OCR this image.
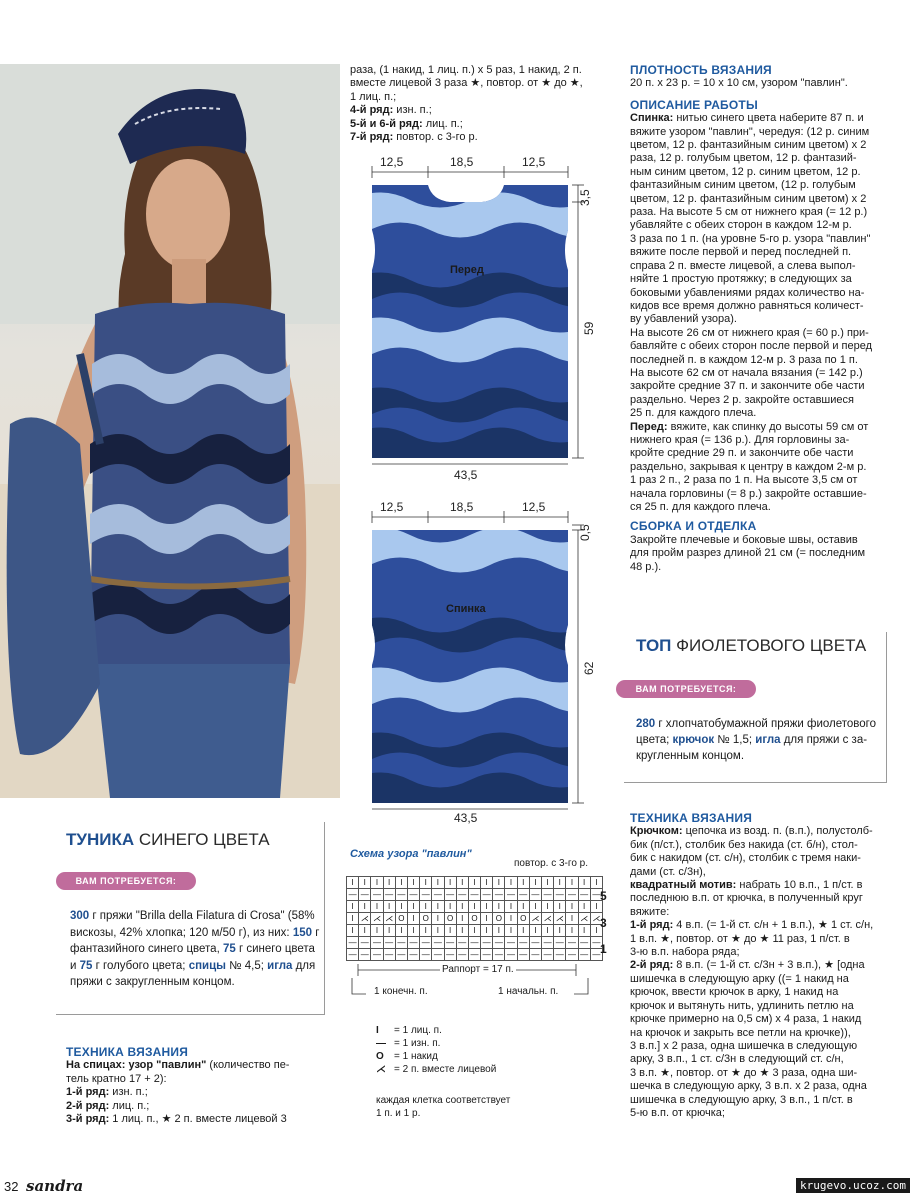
раза, (1 накид, 1 лиц. п.) x 5 раз, 1 накид, 2 п.

вместе лицевой 3 раза ★, повтор. от ★ до ★,

1 лиц. п.;

4-й ряд: изн. п.;

5-й и 6-й ряд: лиц. п.;

7-й ряд: повтор. с 3-го р.

12,5	18,5	12,5
3,5
59
43,5
Перед
12,5	18,5	12,5
0,5
62
43,5
Спинка

ПЛОТНОСТЬ ВЯЗАНИЯ

20 п. x 23 р. = 10 x 10 см, узором "павлин".

ОПИСАНИЕ РАБОТЫ

Спинка: нитью синего цвета наберите 87 п. и

вяжите узором "павлин", чередуя: (12 р. синим

цветом, 12 р. фантазийным синим цветом) x 2

раза, 12 р. голубым цветом, 12 р. фантазий-

ным синим цветом, 12 р. синим цветом, 12 р.

фантазийным синим цветом, (12 р. голубым

цветом, 12 р. фантазийным синим цветом) x 2

раза. На высоте 5 см от нижнего края (= 12 р.)

убавляйте с обеих сторон в каждом 12-м р.

3 раза по 1 п. (на уровне 5-го р. узора "павлин"

вяжите после первой и перед последней п.

справа 2 п. вместе лицевой, а слева выпол-

няйте 1 простую протяжку; в следующих за

боковыми убавлениями рядах количество на-

кидов все время должно равняться количест-

ву убавлений узора).

На высоте 26 см от нижнего края (= 60 р.) при-

бавляйте с обеих сторон после первой и перед

последней п. в каждом 12-м р. 3 раза по 1 п.

На высоте 62 см от начала вязания (= 142 р.)

закройте средние 37 п. и закончите обе части

раздельно. Через 2 р. закройте оставшиеся

25 п. для каждого плеча.

Перед: вяжите, как спинку до высоты 59 см от

нижнего края (= 136 р.). Для горловины за-

кройте средние 29 п. и закончите обе части

раздельно, закрывая к центру в каждом 2-м р.

1 раз 2 п., 2 раза по 1 п. На высоте 3,5 см от

начала горловины (= 8 р.) закройте оставшие-

ся 25 п. для каждого плеча.

СБОРКА И ОТДЕЛКА

Закройте плечевые и боковые швы, оставив

для пройм разрез длиной 21 см (= последним

48 р.).

ТОП ФИОЛЕТОВОГО ЦВЕТА
ВАМ ПОТРЕБУЕТСЯ:

280 г хлопчатобумажной пряжи фиолетового

цвета; крючок № 1,5; игла для пряжи с за-

кругленным концом.

ТУНИКА СИНЕГО ЦВЕТА
ВАМ ПОТРЕБУЕТСЯ:

300 г пряжи "Brilla della Filatura di Crosa" (58%

вискозы, 42% хлопка; 120 м/50 г), из них: 150 г

фантазийного синего цвета, 75 г синего цвета

и 75 г голубого цвета; спицы № 4,5; игла для

пряжи с закругленным концом.

ТЕХНИКА ВЯЗАНИЯ

На спицах: узор "павлин" (количество пе-

тель кратно 17 + 2):

1-й ряд: изн. п.;

2-й ряд: лиц. п.;

3-й ряд: 1 лиц. п., ★ 2 п. вместе лицевой 3

Схема узора "павлин"
повтор. с 3-го р.
I	I	I	I	I	I	I	I	I	I	I	I	I	I	I	I	I	I	I	I	I
—	—	—	—	—	—	—	—	—	—	—	—	—	—	—	—	—	—	—	—	—
I	I	I	I	I	I	I	I	I	I	I	I	I	I	I	I	I	I	I	I	I
I	⋌	⋌	⋌	O	I	O	I	O	I	O	I	O	I	O	⋌	⋌	⋌	I	⋌	⋌
I	I	I	I	I	I	I	I	I	I	I	I	I	I	I	I	I	I	I	I	I
—	—	—	—	—	—	—	—	—	—	—	—	—	—	—	—	—	—	—	—	—
—	—	—	—	—	—	—	—	—	—	—	—	—	—	—	—	—	—	—	—	—
5
3
1
Раппорт = 17 п.
1 конечн. п.	1 начальн. п.
I = 1 лиц. п.
— = 1 изн. п.
O = 1 накид
⋌ = 2 п. вместе лицевой
каждая клетка соответствует
1 п. и 1 р.

ТЕХНИКА ВЯЗАНИЯ

Крючком: цепочка из возд. п. (в.п.), полустолб-

бик (п/ст.), столбик без накида (ст. б/н), стол-

бик с накидом (ст. с/н), столбик с тремя наки-

дами (ст. с/3н),

квадратный мотив: набрать 10 в.п., 1 п/ст. в

последнюю в.п. от крючка, в полученный круг

вяжите:

1-й ряд: 4 в.п. (= 1-й ст. с/н + 1 в.п.), ★ 1 ст. с/н,

1 в.п. ★, повтор. от ★ до ★ 11 раз, 1 п/ст. в

3-ю в.п. набора ряда;

2-й ряд: 8 в.п. (= 1-й ст. с/3н + 3 в.п.), ★ [одна

шишечка в следующую арку ((= 1 накид на

крючок, ввести крючок в арку, 1 накид на

крючок и вытянуть нить, удлинить петлю на

крючке примерно на 0,5 см) x 4 раза, 1 накид

на крючок и закрыть все петли на крючке)),

3 в.п.] x 2 раза, одна шишечка в следующую

арку, 3 в.п., 1 ст. с/3н в следующий ст. с/н,

3 в.п. ★, повтор. от ★ до ★ 3 раза, одна ши-

шечка в следующую арку, 3 в.п. x 2 раза, одна

шишечка в следующую арку, 3 в.п., 1 п/ст. в

5-ю в.п. от крючка;

32 sandra	krugevo.ucoz.com
